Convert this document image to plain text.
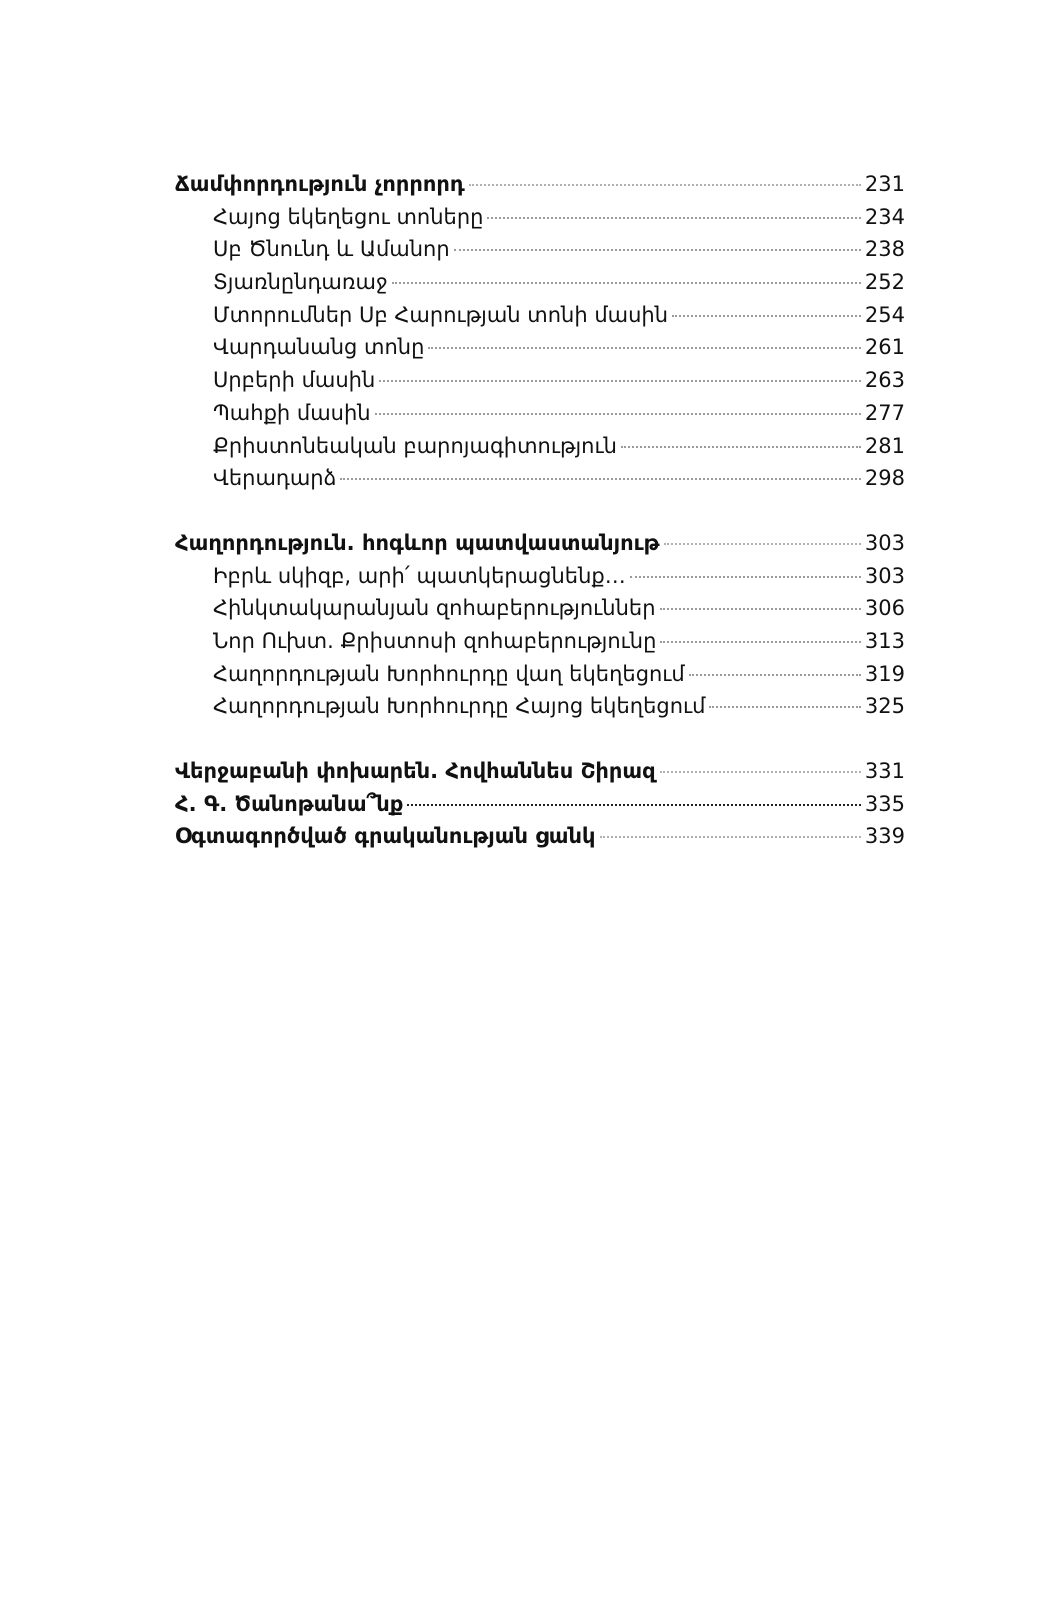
Ճամփորդություն չորրորդ	231
Հայոց եկեղեցու տոները	234
Սբ Ծնունդ և Ամանոր	238
Տյառնընդառաջ	252
Մտորումներ Սբ Հարության տոնի մասին	254
Վարդանանց տոնը	261
Սրբերի մասին	263
Պահքի մասին	277
Քրիստոնեական բարոյագիտություն	281
Վերադարձ	298
Հաղորդություն. հոգևոր պատվաստանյութ	303
Իբրև սկիզբ, արի՛ պատկերացնենք…	303
Հինկտակարանյան զոհաբերություններ	306
Նոր Ուխտ. Քրիստոսի զոհաբերությունը	313
Հաղորդության Խորհուրդը վաղ եկեղեցում	319
Հաղորդության Խորհուրդը Հայոց եկեղեցում	325
Վերջաբանի փոխարեն. Հովհաննես Շիրազ	331
Հ. Գ. Ծանոթանա՞նք	335
Օգտագործված գրականության ցանկ	339
